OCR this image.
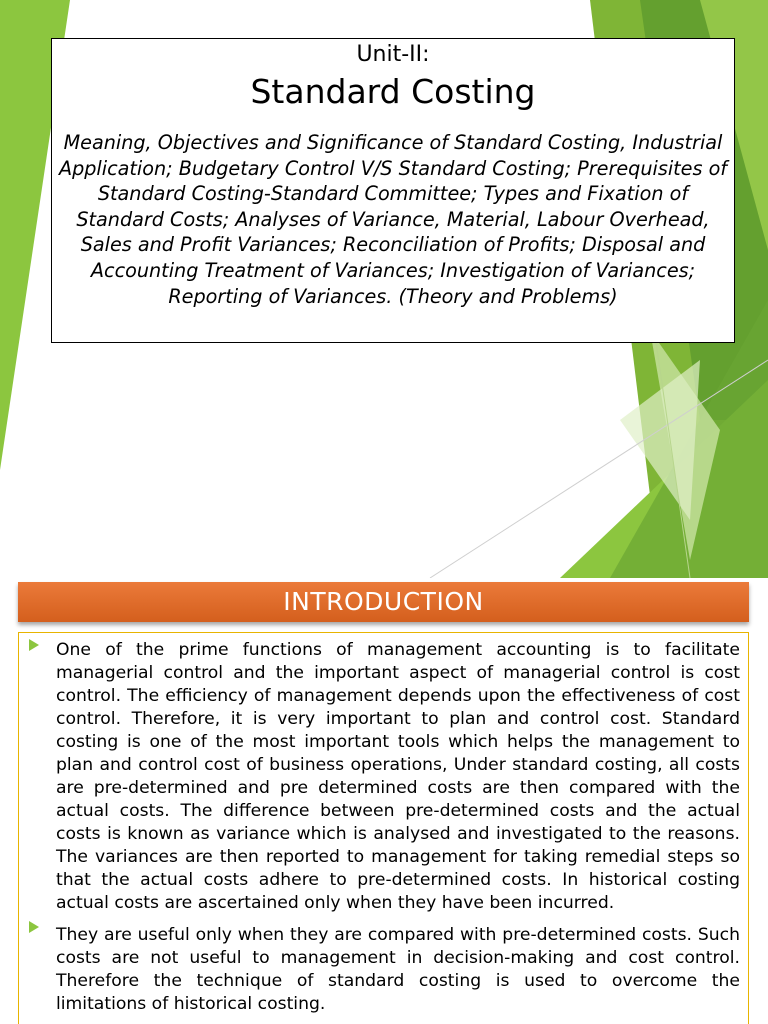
Unit-II:
Standard Costing
Meaning, Objectives and Significance of Standard Costing, Industrial Application; Budgetary Control V/S Standard Costing; Prerequisites of Standard Costing-Standard Committee; Types and Fixation of Standard Costs; Analyses of Variance, Material, Labour Overhead, Sales and Profit Variances; Reconciliation of Profits; Disposal and Accounting Treatment of Variances; Investigation of Variances; Reporting of Variances. (Theory and Problems)
INTRODUCTION

One of the prime functions of management accounting is to facilitate managerial control and the important aspect of managerial control is cost control. The efficiency of management depends upon the effectiveness of cost control. Therefore, it is very important to plan and control cost. Standard costing is one of the most important tools which helps the management to plan and control cost of business operations, Under standard costing, all costs are pre-determined and pre determined costs are then compared with the actual costs. The difference between pre-determined costs and the actual costs is known as variance which is analysed and investigated to the reasons. The variances are then reported to management for taking remedial steps so that the actual costs adhere to pre-determined costs. In historical costing actual costs are ascertained only when they have been incurred.

They are useful only when they are compared with pre-determined costs. Such costs are not useful to management in decision-making and cost control. Therefore the technique of standard costing is used to overcome the limitations of historical costing.
